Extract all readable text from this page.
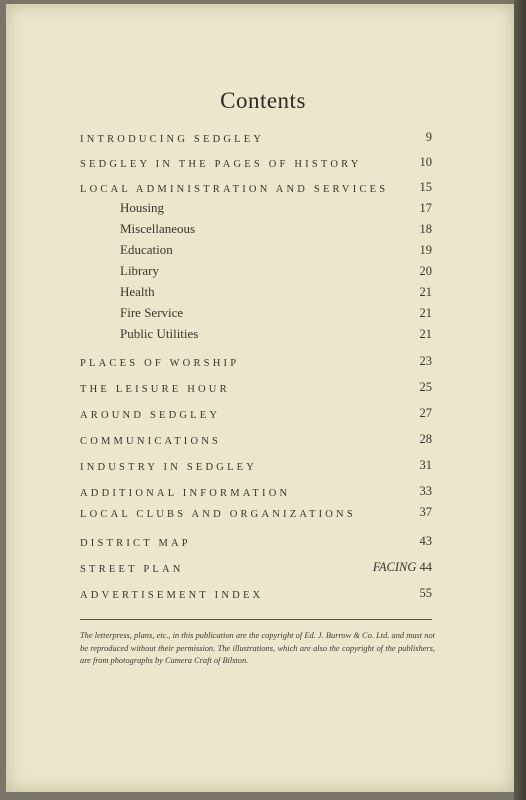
Contents
INTRODUCING SEDGLEY	9
SEDGLEY IN THE PAGES OF HISTORY	10
LOCAL ADMINISTRATION AND SERVICES 15
Housing	17
Miscellaneous	18
Education	19
Library	20
Health	21
Fire Service	21
Public Utilities	21
PLACES OF WORSHIP	23
THE LEISURE HOUR	25
AROUND SEDGLEY	27
COMMUNICATIONS	28
INDUSTRY IN SEDGLEY	31
ADDITIONAL INFORMATION	33
LOCAL CLUBS AND ORGANIZATIONS	37
DISTRICT MAP	43
STREET PLAN	FACING 44
ADVERTISEMENT INDEX	55
The letterpress, plans, etc., in this publication are the copyright of Ed. J. Burrow & Co. Ltd. and must not be reproduced without their permission. The illustrations, which are also the copyright of the publishers, are from photographs by Camera Craft of Bilston.
